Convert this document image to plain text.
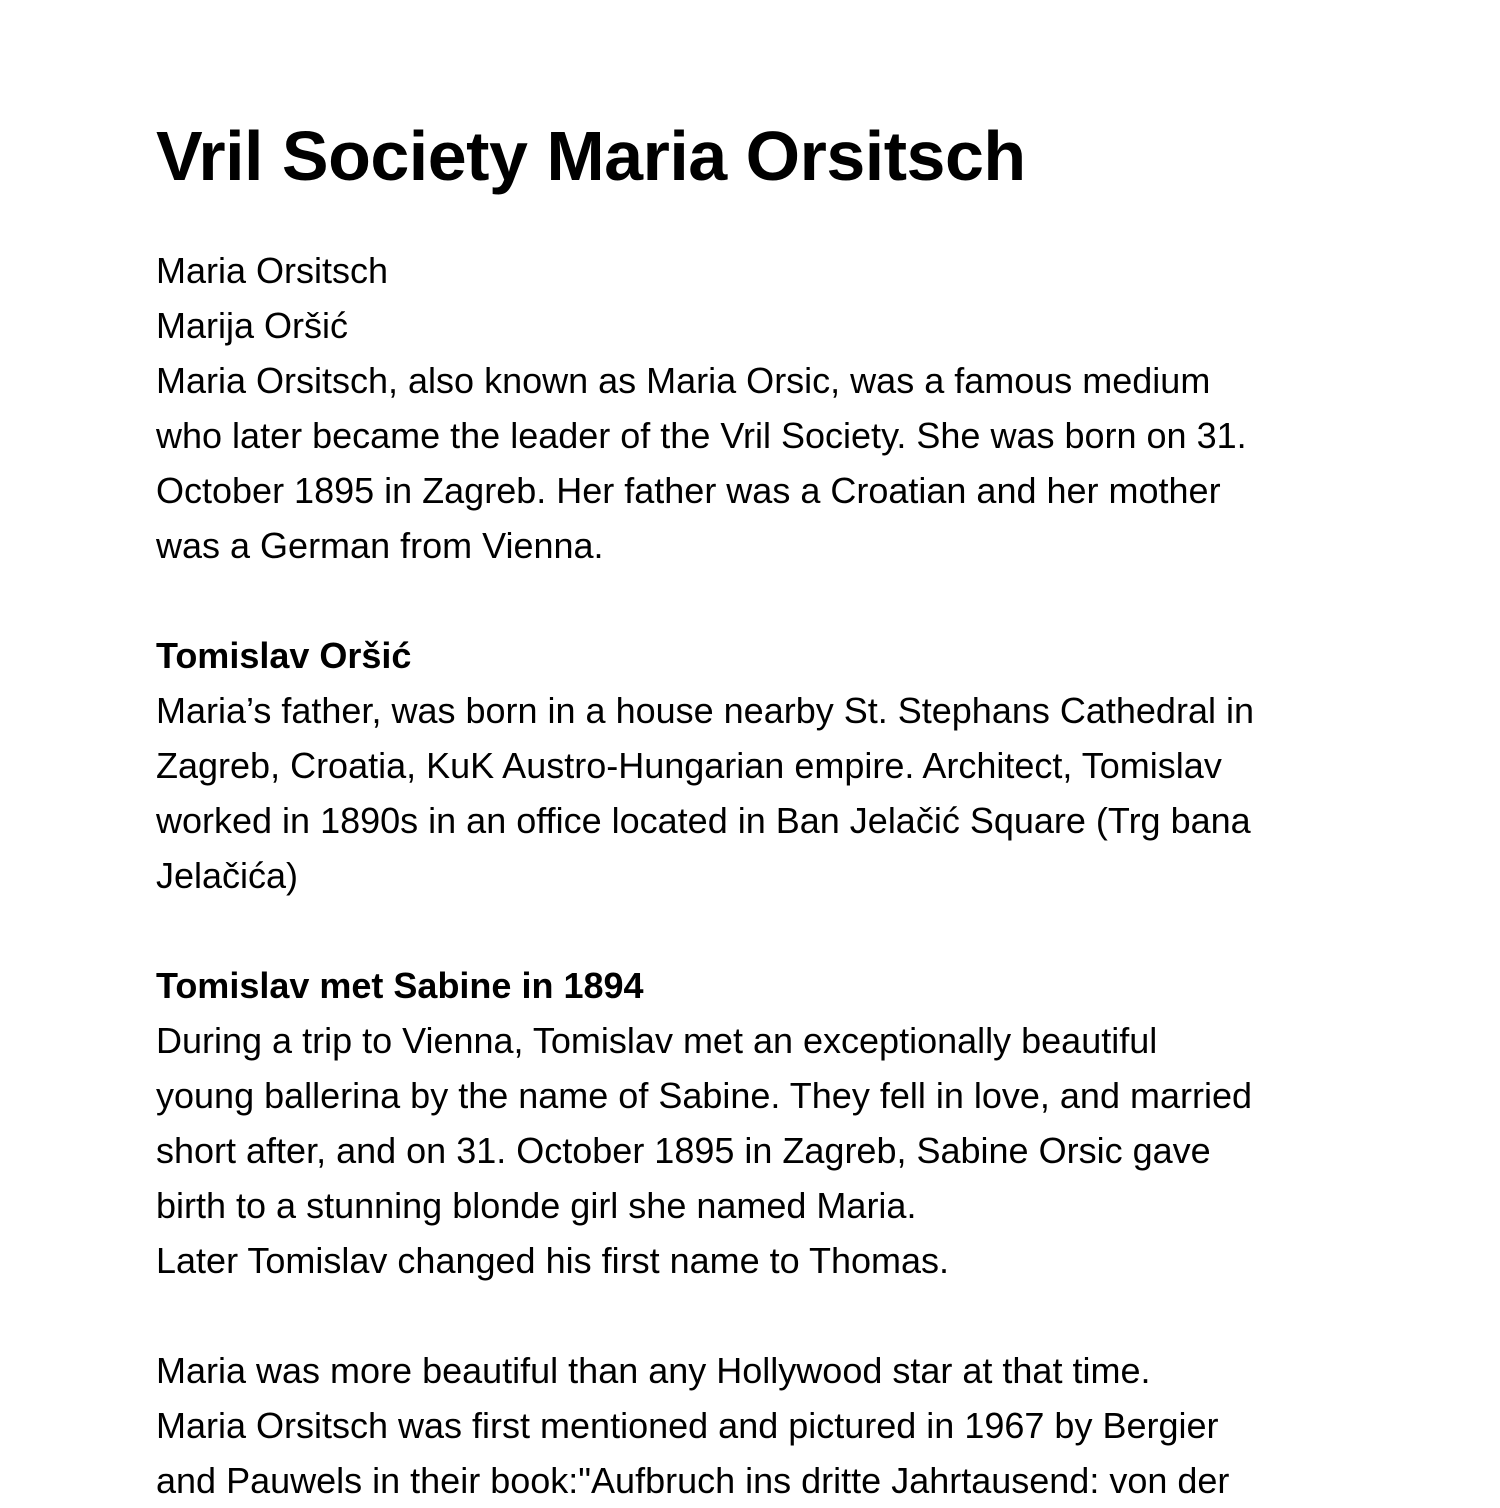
Vril Society Maria Orsitsch
Maria Orsitsch
Marija Oršić
Maria Orsitsch, also known as Maria Orsic, was a famous medium
who later became the leader of the Vril Society. She was born on 31.
October 1895 in Zagreb. Her father was a Croatian and her mother
was a German from Vienna.
Tomislav Oršić
Maria’s father, was born in a house nearby St. Stephans Cathedral in
Zagreb, Croatia, KuK Austro-Hungarian empire. Architect, Tomislav
worked in 1890s in an office located in Ban Jelačić Square (Trg bana
Jelačića)
Tomislav met Sabine in 1894
During a trip to Vienna, Tomislav met an exceptionally beautiful
young ballerina by the name of Sabine. They fell in love, and married
short after, and on 31. October 1895 in Zagreb, Sabine Orsic gave
birth to a stunning blonde girl she named Maria.
Later Tomislav changed his first name to Thomas.
Maria was more beautiful than any Hollywood star at that time.
Maria Orsitsch was first mentioned and pictured in 1967 by Bergier
and Pauwels in their book:"Aufbruch ins dritte Jahrtausend: von der
